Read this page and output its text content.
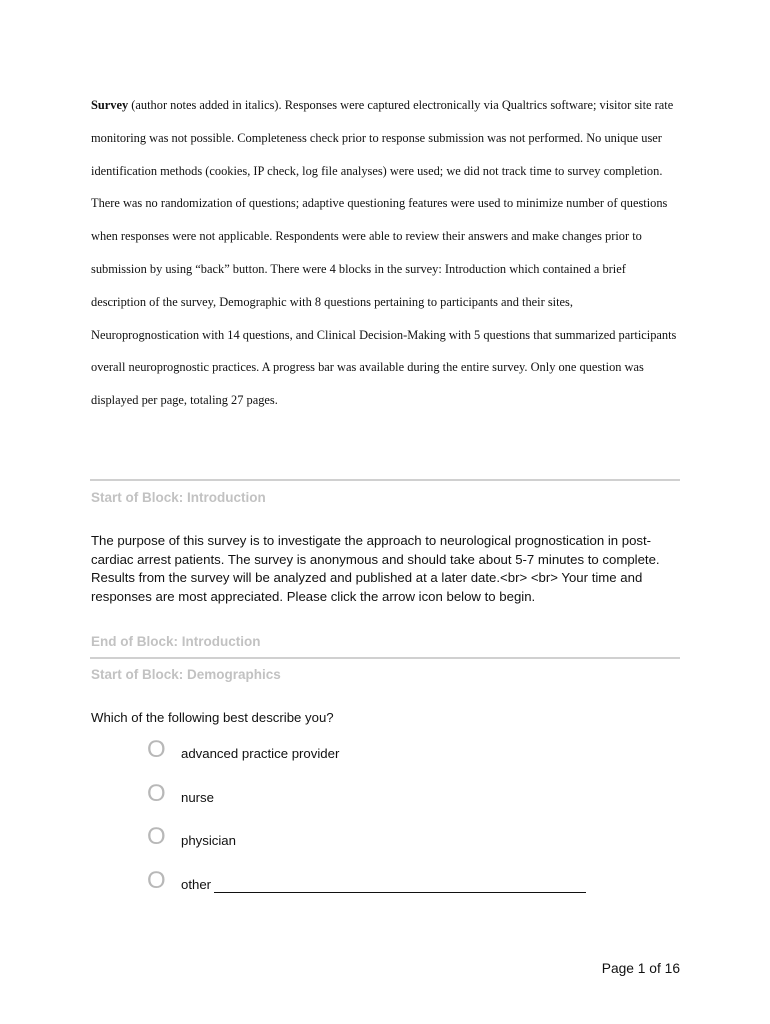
Survey (author notes added in italics). Responses were captured electronically via Qualtrics software; visitor site rate monitoring was not possible. Completeness check prior to response submission was not performed. No unique user identification methods (cookies, IP check, log file analyses) were used; we did not track time to survey completion. There was no randomization of questions; adaptive questioning features were used to minimize number of questions when responses were not applicable. Respondents were able to review their answers and make changes prior to submission by using “back” button. There were 4 blocks in the survey: Introduction which contained a brief description of the survey, Demographic with 8 questions pertaining to participants and their sites, Neuroprognostication with 14 questions, and Clinical Decision-Making with 5 questions that summarized participants overall neuroprognostic practices. A progress bar was available during the entire survey. Only one question was displayed per page, totaling 27 pages.

Start of Block: Introduction

The purpose of this survey is to investigate the approach to neurological prognostication in post-cardiac arrest patients. The survey is anonymous and should take about 5-7 minutes to complete. Results from the survey will be analyzed and published at a later date.<br> <br> Your time and responses are most appreciated. Please click the arrow icon below to begin.

End of Block: Introduction

Start of Block: Demographics

Which of the following best describe you?

O advanced practice provider
O nurse
O physician
O other
Page 1 of 16
